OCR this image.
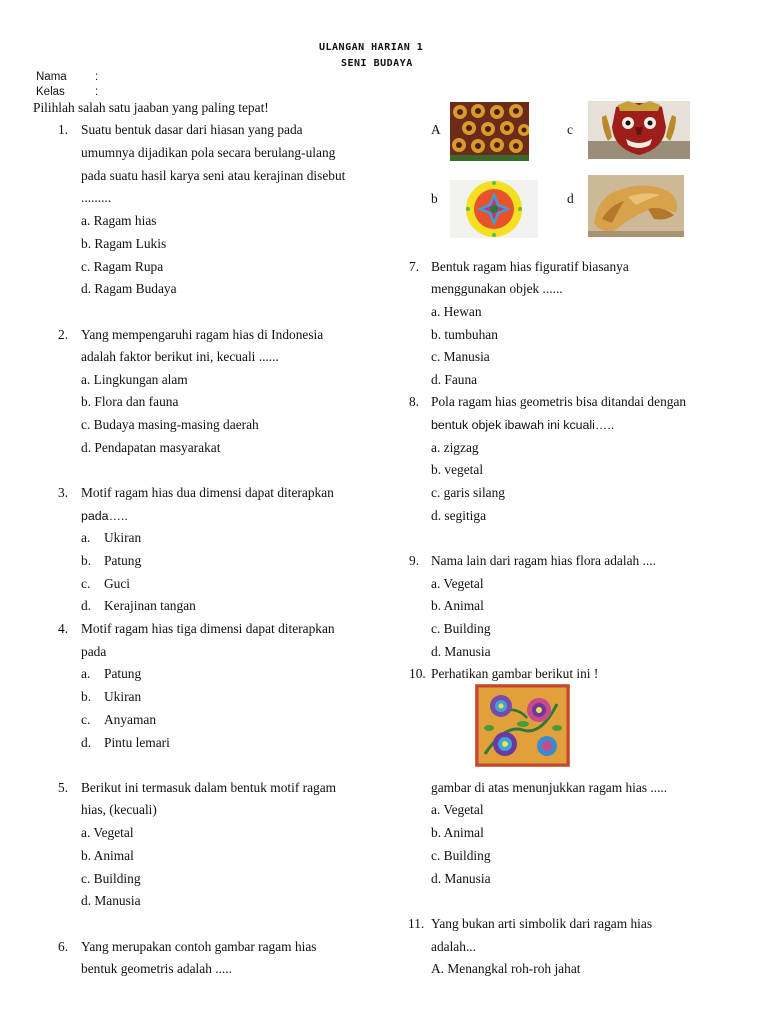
ULANGAN HARIAN 1
SENI BUDAYA
Nama :
Kelas	:
Pilihlah salah satu jaaban yang paling tepat!
1. Suatu bentuk dasar dari hiasan yang pada
umumnya dijadikan pola secara berulang-ulang
pada suatu hasil karya seni atau kerajinan disebut
.........
a. Ragam hias
b. Ragam Lukis
c. Ragam Rupa
d. Ragam Budaya
2. Yang mempengaruhi ragam hias di Indonesia
adalah faktor berikut ini, kecuali ......
a. Lingkungan alam
b. Flora dan fauna
c. Budaya masing-masing daerah
d. Pendapatan masyarakat
3. Motif ragam hias dua dimensi dapat diterapkan
pada…..
a. Ukiran
b. Patung
c. Guci
d. Kerajinan tangan
4. Motif ragam hias tiga dimensi dapat diterapkan
pada
a. Patung
b. Ukiran
c. Anyaman
d. Pintu lemari
5. Berikut ini termasuk dalam bentuk motif ragam
hias, (kecuali)
a. Vegetal
b. Animal
c. Building
d. Manusia
6. Yang merupakan contoh gambar ragam hias
bentuk geometris adalah .....
A	c
b	d
7. Bentuk ragam hias figuratif biasanya
menggunakan objek ......
a. Hewan
b. tumbuhan
c. Manusia
d. Fauna
8. Pola ragam hias geometris bisa ditandai dengan
bentuk objek ibawah ini kcuali…..
a. zigzag
b. vegetal
c. garis silang
d. segitiga
9. Nama lain dari ragam hias flora adalah ....
a. Vegetal
b. Animal
c. Building
d. Manusia
10. Perhatikan gambar berikut ini !
gambar di atas menunjukkan ragam hias .....
a. Vegetal
b. Animal
c. Building
d. Manusia
11. Yang bukan arti simbolik dari ragam hias
adalah...
A. Menangkal roh-roh jahat
